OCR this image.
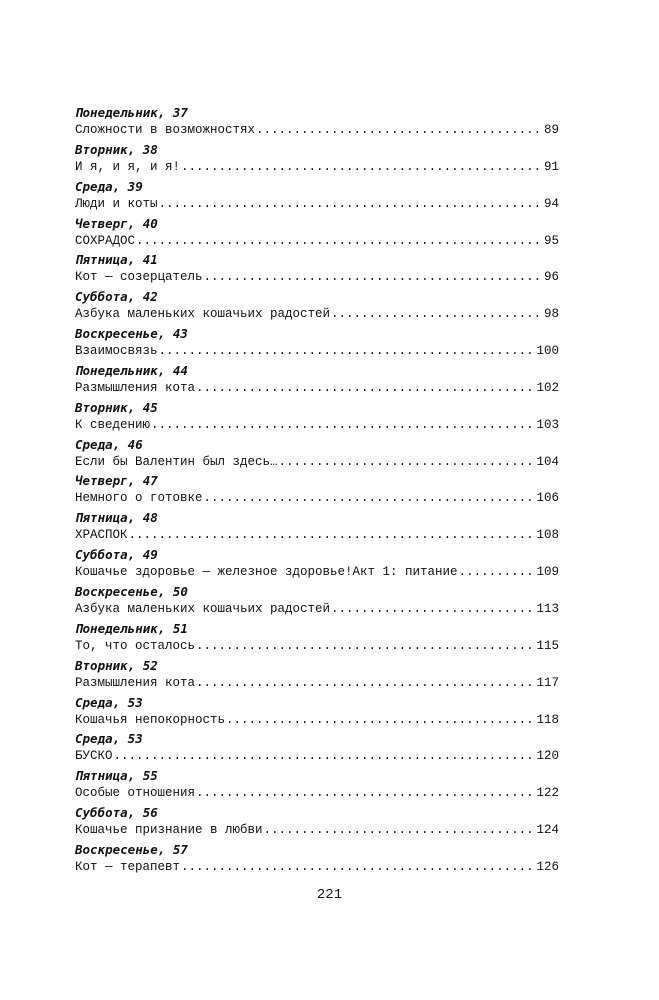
Понедельник, 37
Сложности в возможностях .....	89
Вторник, 38
И я, и я, и я! .....	91
Среда, 39
Люди и коты .....	94
Четверг, 40
СОХРАДОС .....	95
Пятница, 41
Кот — созерцатель .....	96
Суббота, 42
Азбука маленьких кошачьих радостей .....	98
Воскресенье, 43
Взаимосвязь .....	100
Понедельник, 44
Размышления кота .....	102
Вторник, 45
К сведению .....	103
Среда, 46
Если бы Валентин был здесь… .....	104
Четверг, 47
Немного о готовке .....	106
Пятница, 48
ХРАСПОК .....	108
Суббота, 49
Кошачье здоровье — железное здоровье!Акт 1: питание .....	109
Воскресенье, 50
Азбука маленьких кошачьих радостей .....	113
Понедельник, 51
То, что осталось .....	115
Вторник, 52
Размышления кота .....	117
Среда, 53
Кошачья непокорность .....	118
Среда, 53
БУСКО .....	120
Пятница, 55
Особые отношения .....	122
Суббота, 56
Кошачье признание в любви .....	124
Воскресенье, 57
Кот — терапевт .....	126
221
